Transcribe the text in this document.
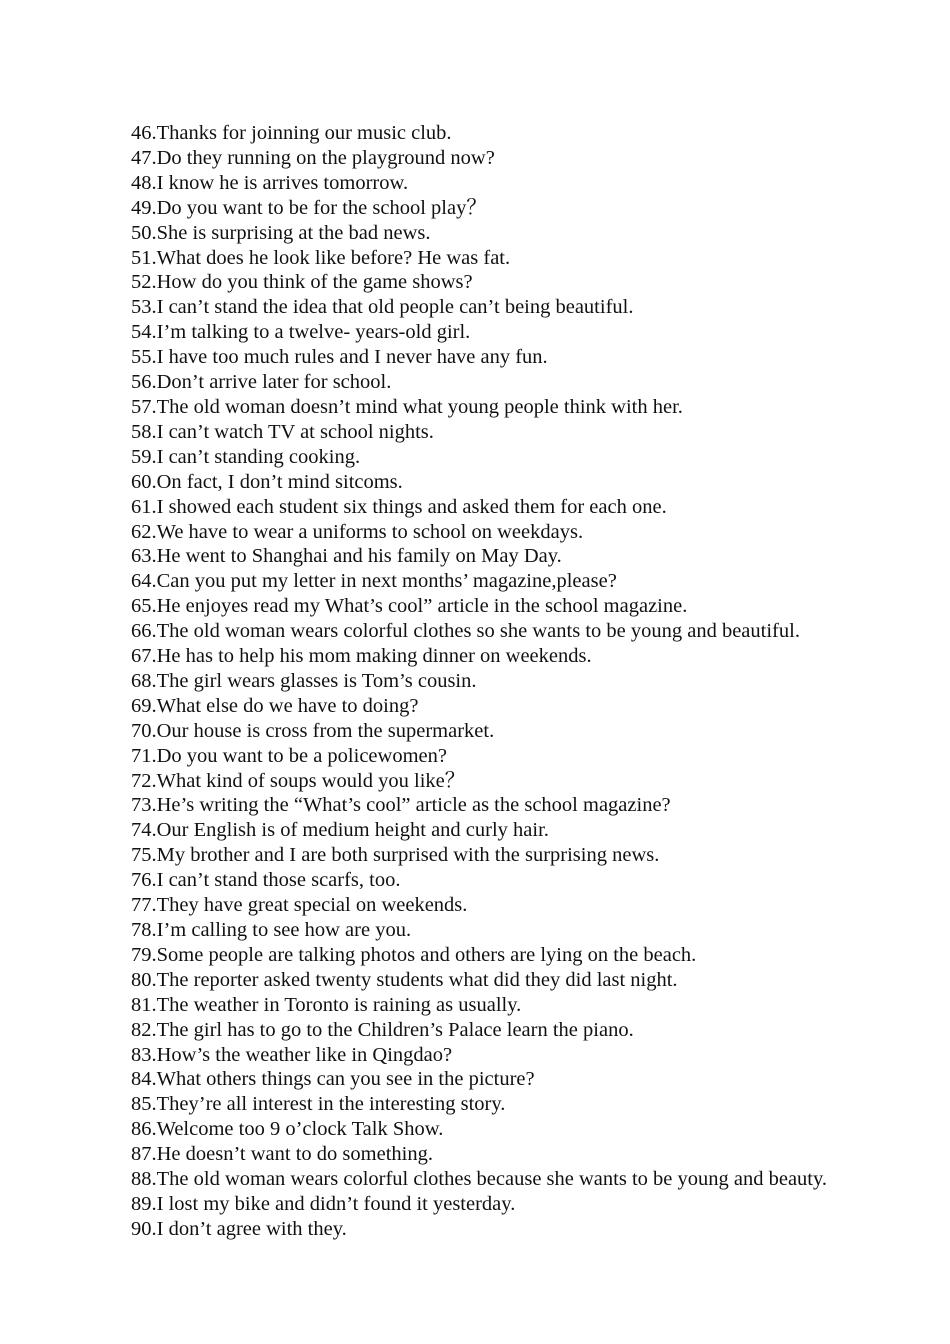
46. Thanks for joinning our music club.
47. Do they running on the playground now?
48. I know he is arrives tomorrow.
49. Do you want to be for the school play？
50. She is surprising at the bad news.
51. What does he look like before? He was fat.
52. How do you think of the game shows?
53. I can’t stand the idea that old people can’t being beautiful.
54. I’m talking to a twelve- years-old girl.
55. I have too much rules and I never have any fun.
56. Don’t arrive later for school.
57. The old woman doesn’t mind what young people think with her.
58. I can’t watch TV at school nights.
59. I can’t standing cooking.
60. On fact, I don’t mind sitcoms.
61. I showed each student six things and asked them for each one.
62. We have to wear a uniforms to school on weekdays.
63. He went to Shanghai and his family on May Day.
64. Can you put my letter in next months’ magazine,please?
65. He enjoyes read my What’s cool” article in the school magazine.
66. The old woman wears colorful clothes so she wants to be young and beautiful.
67. He has to help his mom making dinner on weekends.
68. The girl wears glasses is Tom’s cousin.
69. What else do we have to doing?
70. Our house is cross from the supermarket.
71. Do you want to be a policewomen?
72. What kind of soups would you like？
73. He’s writing the “What’s cool” article as the school magazine?
74. Our English is of medium height and curly hair.
75. My brother and I are both surprised with the surprising news.
76. I can’t stand those scarfs, too.
77. They have great special on weekends.
78. I’m calling to see how are you.
79. Some people are talking photos and others are lying on the beach.
80. The reporter asked twenty students what did they did last night.
81. The weather in Toronto is raining as usually.
82. The girl has to go to the Children’s Palace learn the piano.
83. How’s the weather like in Qingdao?
84. What others things can you see in the picture?
85. They’re all interest in the interesting story.
86. Welcome too 9 o’clock Talk Show.
87. He doesn’t want to do something.
88. The old woman wears colorful clothes because she wants to be young and beauty.
89. I lost my bike and didn’t found it yesterday.
90. I don’t agree with they.
